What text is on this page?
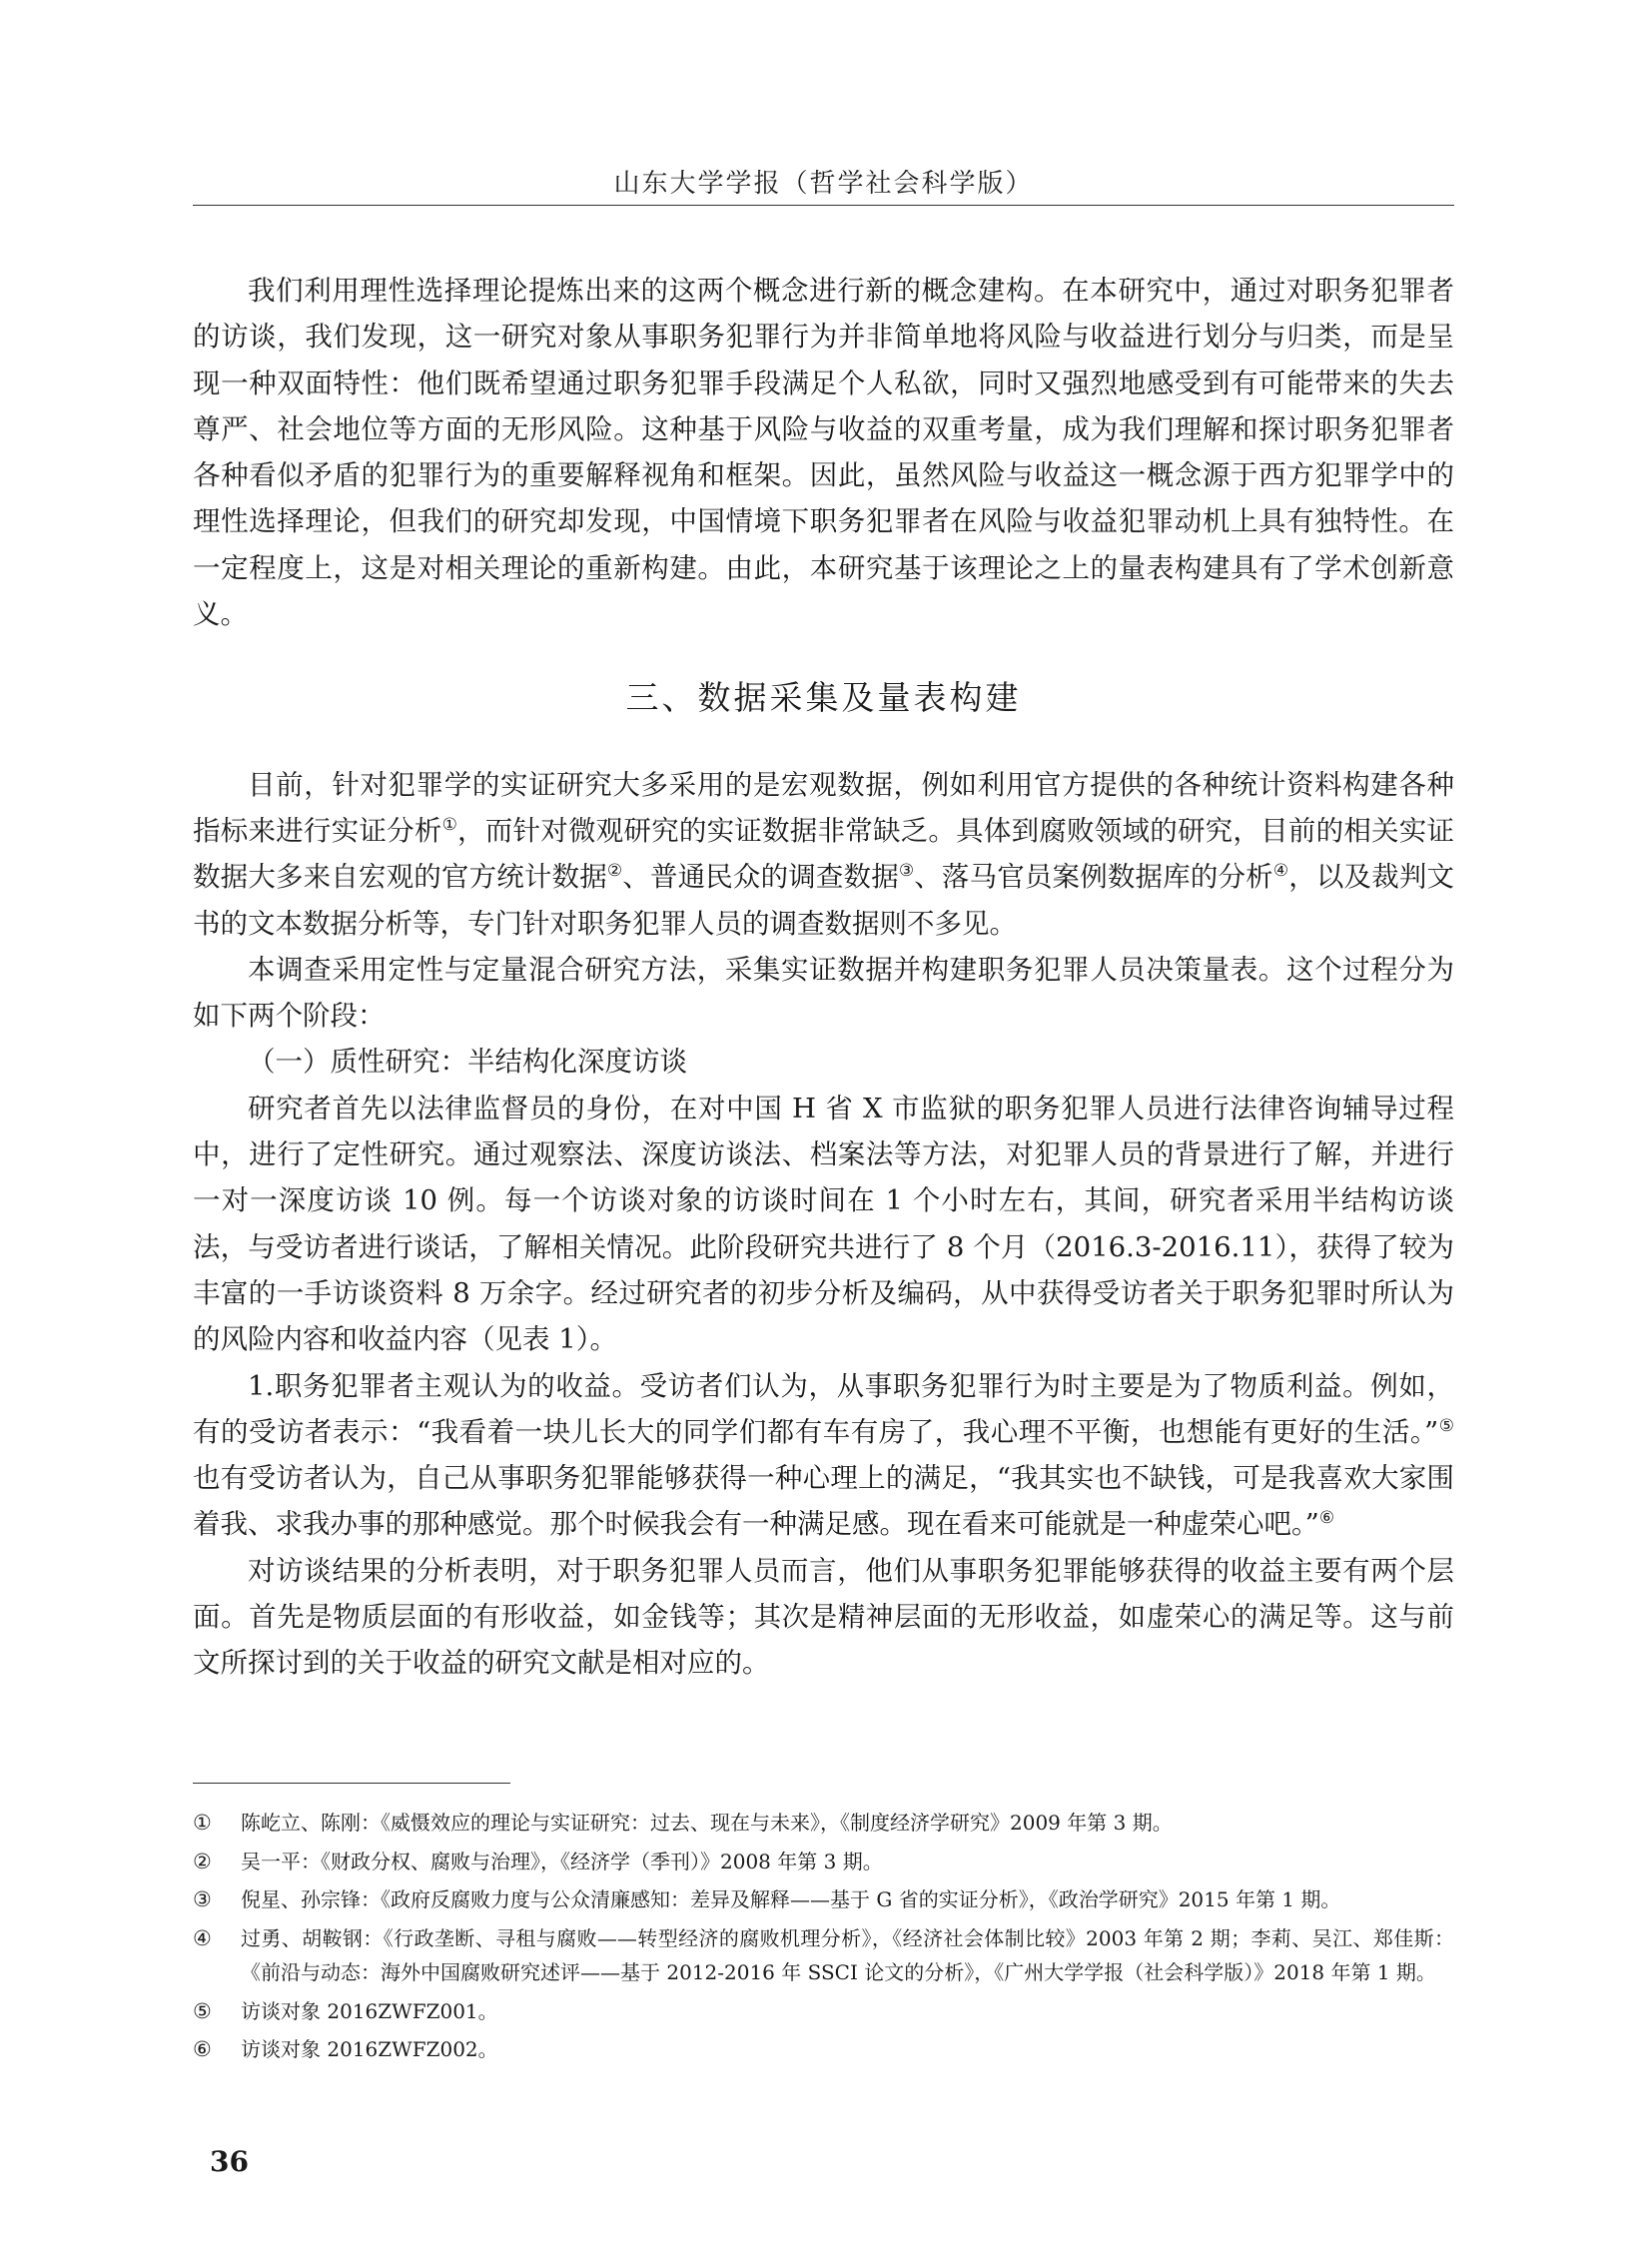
山东大学学报（哲学社会科学版）

我们利用理性选择理论提炼出来的这两个概念进行新的概念建构。在本研究中，通过对职务犯罪者的访谈，我们发现，这一研究对象从事职务犯罪行为并非简单地将风险与收益进行划分与归类，而是呈现一种双面特性：他们既希望通过职务犯罪手段满足个人私欲，同时又强烈地感受到有可能带来的失去尊严、社会地位等方面的无形风险。这种基于风险与收益的双重考量，成为我们理解和探讨职务犯罪者各种看似矛盾的犯罪行为的重要解释视角和框架。因此，虽然风险与收益这一概念源于西方犯罪学中的理性选择理论，但我们的研究却发现，中国情境下职务犯罪者在风险与收益犯罪动机上具有独特性。在一定程度上，这是对相关理论的重新构建。由此，本研究基于该理论之上的量表构建具有了学术创新意义。

三、数据采集及量表构建

目前，针对犯罪学的实证研究大多采用的是宏观数据，例如利用官方提供的各种统计资料构建各种指标来进行实证分析①，而针对微观研究的实证数据非常缺乏。具体到腐败领域的研究，目前的相关实证数据大多来自宏观的官方统计数据②、普通民众的调查数据③、落马官员案例数据库的分析④，以及裁判文书的文本数据分析等，专门针对职务犯罪人员的调查数据则不多见。

本调查采用定性与定量混合研究方法，采集实证数据并构建职务犯罪人员决策量表。这个过程分为如下两个阶段：

（一）质性研究：半结构化深度访谈

研究者首先以法律监督员的身份，在对中国 H 省 X 市监狱的职务犯罪人员进行法律咨询辅导过程中，进行了定性研究。通过观察法、深度访谈法、档案法等方法，对犯罪人员的背景进行了解，并进行一对一深度访谈 10 例。每一个访谈对象的访谈时间在 1 个小时左右，其间，研究者采用半结构访谈法，与受访者进行谈话，了解相关情况。此阶段研究共进行了 8 个月（2016.3-2016.11），获得了较为丰富的一手访谈资料 8 万余字。经过研究者的初步分析及编码，从中获得受访者关于职务犯罪时所认为的风险内容和收益内容（见表 1）。

1.职务犯罪者主观认为的收益。受访者们认为，从事职务犯罪行为时主要是为了物质利益。例如，有的受访者表示：“我看着一块儿长大的同学们都有车有房了，我心理不平衡，也想能有更好的生活。”⑤也有受访者认为，自己从事职务犯罪能够获得一种心理上的满足，“我其实也不缺钱，可是我喜欢大家围着我、求我办事的那种感觉。那个时候我会有一种满足感。现在看来可能就是一种虚荣心吧。”⑥

对访谈结果的分析表明，对于职务犯罪人员而言，他们从事职务犯罪能够获得的收益主要有两个层面。首先是物质层面的有形收益，如金钱等；其次是精神层面的无形收益，如虚荣心的满足等。这与前文所探讨到的关于收益的研究文献是相对应的。

①	陈屹立、陈刚：《威慑效应的理论与实证研究：过去、现在与未来》，《制度经济学研究》2009 年第 3 期。
②	吴一平：《财政分权、腐败与治理》，《经济学（季刊）》2008 年第 3 期。
③	倪星、孙宗锋：《政府反腐败力度与公众清廉感知：差异及解释——基于 G 省的实证分析》，《政治学研究》2015 年第 1 期。
④	过勇、胡鞍钢：《行政垄断、寻租与腐败——转型经济的腐败机理分析》，《经济社会体制比较》2003 年第 2 期；李莉、吴江、郑佳斯：《前沿与动态：海外中国腐败研究述评——基于 2012-2016 年 SSCI 论文的分析》，《广州大学学报（社会科学版）》2018 年第 1 期。
⑤	访谈对象 2016ZWFZ001。
⑥	访谈对象 2016ZWFZ002。
36
